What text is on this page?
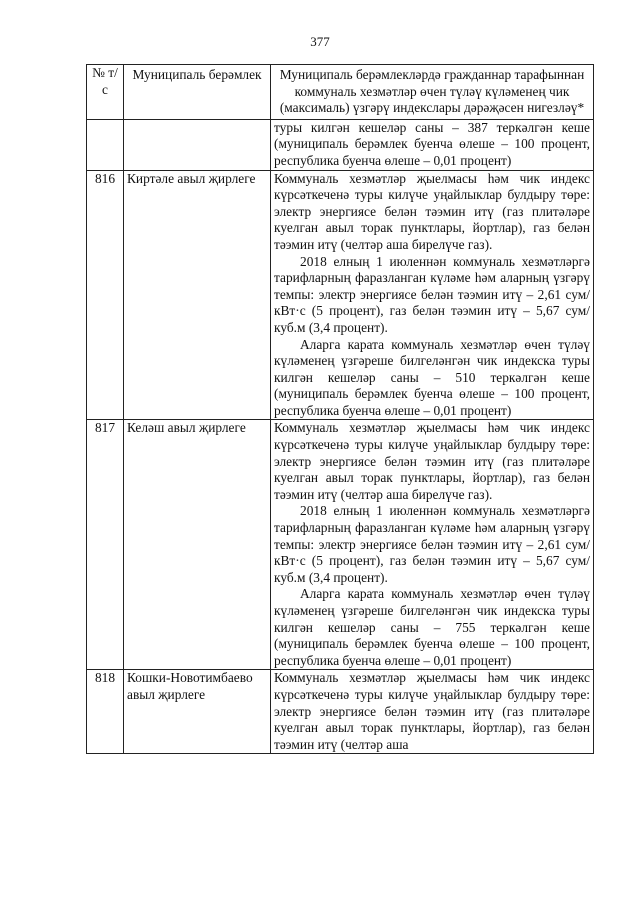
377
№ т/с	Муниципаль берәмлек	Муниципаль берәмлекләрдә гражданнар тарафыннан коммуналь хезмәтләр өчен түләү күләменең чик (максималь) үзгәрү индекслары дәрәҗәсен нигезләү*

		туры килгән кешеләр саны – 387 теркәлгән кеше (муниципаль берәмлек буенча өлеше – 100 процент, республика буенча өлеше – 0,01 процент)

816	Киртәле авыл җирлеге	Коммуналь хезмәтләр җыелмасы һәм чик индекс күрсәткеченә туры килүче уңайлыклар булдыру төре: электр энергиясе белән тәэмин итү (газ плитәләре куелган авыл торак пунктлары, йортлар), газ белән тәэмин итү (челтәр аша бирелүче газ).
2018 елның 1 июленнән коммуналь хезмәтләргә тарифларның фаразланган күләме һәм аларның үзгәрү темпы: электр энергиясе белән тәэмин итү – 2,61 сум/кВт·с (5 процент), газ белән тәэмин итү – 5,67 сум/куб.м (3,4 процент).
Аларга карата коммуналь хезмәтләр өчен түләү күләменең үзгәреше билгеләнгән чик индекска туры килгән кешеләр саны – 510 теркәлгән кеше (муниципаль берәмлек буенча өлеше – 100 процент, республика буенча өлеше – 0,01 процент)

817	Келәш авыл җирлеге	Коммуналь хезмәтләр җыелмасы һәм чик индекс күрсәткеченә туры килүче уңайлыклар булдыру төре: электр энергиясе белән тәэмин итү (газ плитәләре куелган авыл торак пунктлары, йортлар), газ белән тәэмин итү (челтәр аша бирелүче газ).
2018 елның 1 июленнән коммуналь хезмәтләргә тарифларның фаразланган күләме һәм аларның үзгәрү темпы: электр энергиясе белән тәэмин итү – 2,61 сум/кВт·с (5 процент), газ белән тәэмин итү – 5,67 сум/куб.м (3,4 процент).
Аларга карата коммуналь хезмәтләр өчен түләү күләменең үзгәреше билгеләнгән чик индекска туры килгән кешеләр саны – 755 теркәлгән кеше (муниципаль берәмлек буенча өлеше – 100 процент, республика буенча өлеше – 0,01 процент)

818	Кошки-Новотимбаево авыл җирлеге	Коммуналь хезмәтләр җыелмасы һәм чик индекс күрсәткеченә туры килүче уңайлыклар булдыру төре: электр энергиясе белән тәэмин итү (газ плитәләре куелган авыл торак пунктлары, йортлар), газ белән тәэмин итү (челтәр аша
